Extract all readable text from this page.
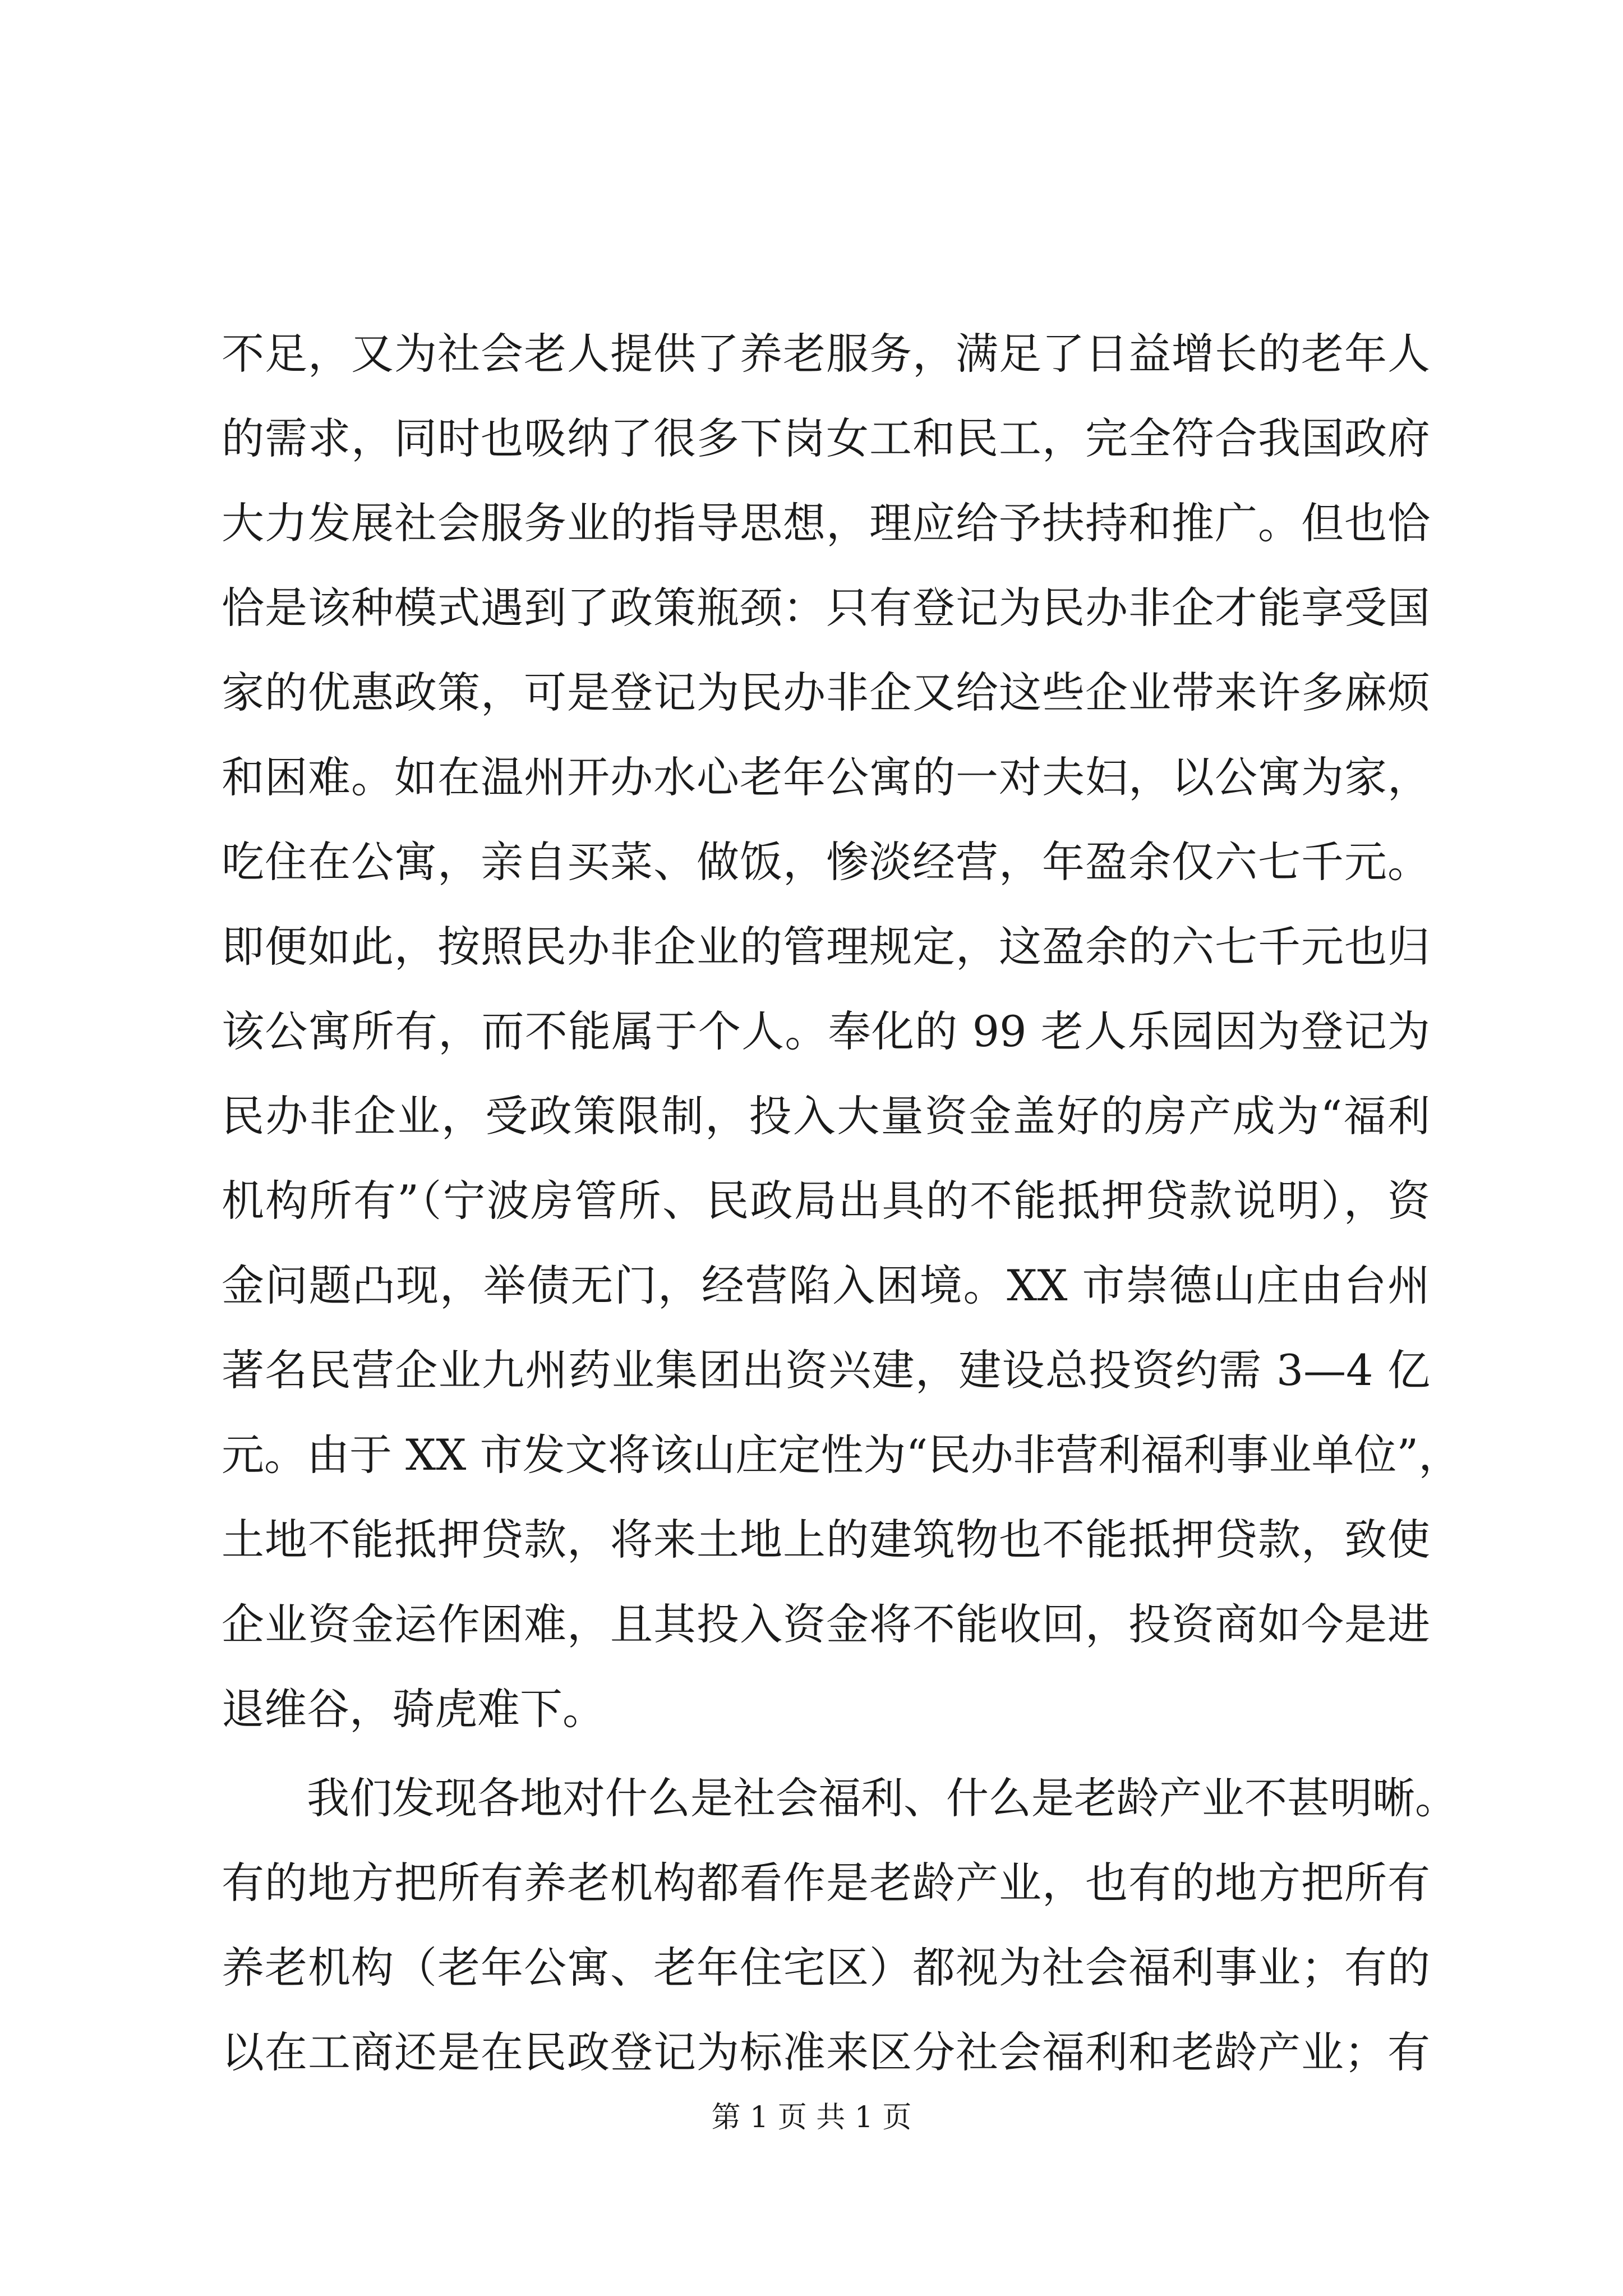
不足，又为社会老人提供了养老服务，满足了日益增长的老年人
的需求，同时也吸纳了很多下岗女工和民工，完全符合我国政府
大力发展社会服务业的指导思想，理应给予扶持和推广。但也恰
恰是该种模式遇到了政策瓶颈：只有登记为民办非企才能享受国
家的优惠政策，可是登记为民办非企又给这些企业带来许多麻烦
和困难。如在温州开办水心老年公寓的一对夫妇，以公寓为家，
吃住在公寓，亲自买菜、做饭，惨淡经营，年盈余仅六七千元。
即便如此，按照民办非企业的管理规定，这盈余的六七千元也归
该公寓所有，而不能属于个人。奉化的 99 老人乐园因为登记为
民办非企业，受政策限制，投入大量资金盖好的房产成为“福利
机构所有”（宁波房管所、民政局出具的不能抵押贷款说明），资
金问题凸现，举债无门，经营陷入困境。XX 市崇德山庄由台州
著名民营企业九州药业集团出资兴建，建设总投资约需 3—4 亿
元。由于 XX 市发文将该山庄定性为“民办非营利福利事业单位”，
土地不能抵押贷款，将来土地上的建筑物也不能抵押贷款，致使
企业资金运作困难，且其投入资金将不能收回，投资商如今是进
退维谷，骑虎难下。
我们发现各地对什么是社会福利、什么是老龄产业不甚明晰。
有的地方把所有养老机构都看作是老龄产业，也有的地方把所有
养老机构（老年公寓、老年住宅区）都视为社会福利事业；有的
以在工商还是在民政登记为标准来区分社会福利和老龄产业；有
第 1 页 共 1 页
